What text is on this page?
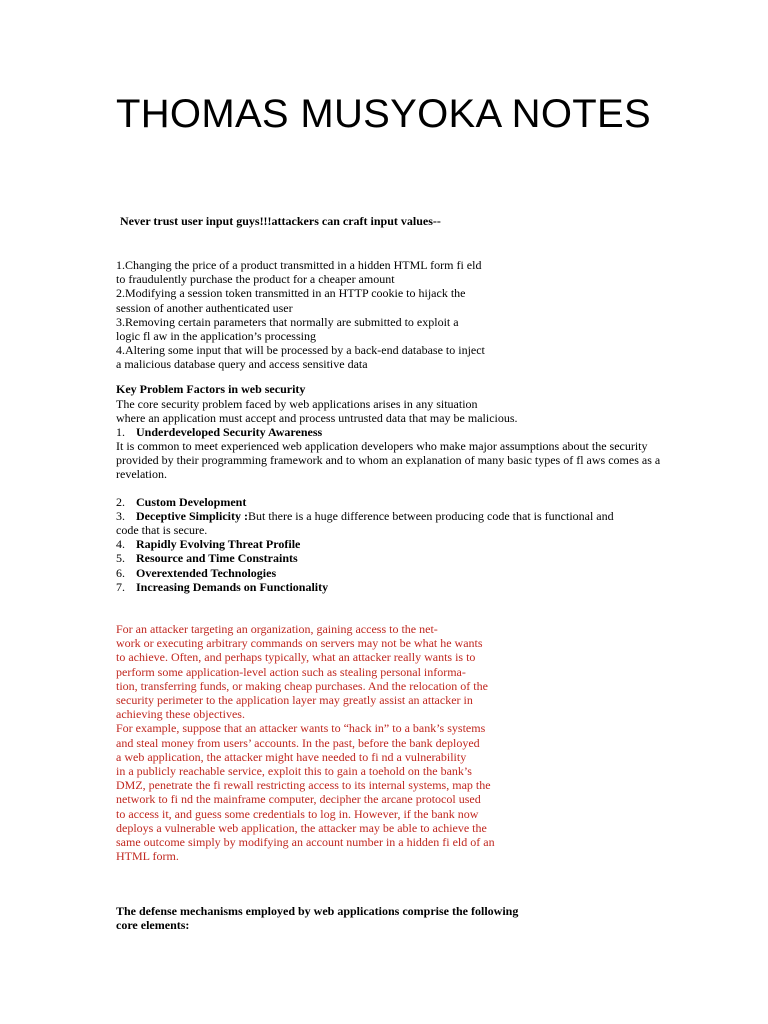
THOMAS MUSYOKA NOTES
Never trust user input guys!!!attackers can craft input values--
1.Changing the price of a product transmitted in a hidden HTML form fi eld
to fraudulently purchase the product for a cheaper amount
2.Modifying a session token transmitted in an HTTP cookie to hijack the
session of another authenticated user
3.Removing certain parameters that normally are submitted to exploit a
logic fl aw in the application’s processing
4.Altering some input that will be processed by a back-end database to inject
a malicious database query and access sensitive data
Key Problem Factors in web security
The core security problem faced by web applications arises in any situation
where an application must accept and process untrusted data that may be malicious.
1. Underdeveloped Security Awareness
It is common to meet experienced web application developers who make major assumptions about the security provided by their programming framework and to whom an explanation of many basic types of fl aws comes as a revelation.
2. Custom Development
3. Deceptive Simplicity :But there is a huge difference between producing code that is functional and
code that is secure.
4. Rapidly Evolving Threat Profile
5. Resource and Time Constraints
6. Overextended Technologies
7. Increasing Demands on Functionality
For an attacker targeting an organization, gaining access to the net-
work or executing arbitrary commands on servers may not be what he wants
to achieve. Often, and perhaps typically, what an attacker really wants is to
perform some application-level action such as stealing personal informa-
tion, transferring funds, or making cheap purchases. And the relocation of the
security perimeter to the application layer may greatly assist an attacker in
achieving these objectives.
For example, suppose that an attacker wants to “hack in” to a bank’s systems
and steal money from users’ accounts. In the past, before the bank deployed
a web application, the attacker might have needed to fi nd a vulnerability
in a publicly reachable service, exploit this to gain a toehold on the bank’s
DMZ, penetrate the fi rewall restricting access to its internal systems, map the
network to fi nd the mainframe computer, decipher the arcane protocol used
to access it, and guess some credentials to log in. However, if the bank now
deploys a vulnerable web application, the attacker may be able to achieve the
same outcome simply by modifying an account number in a hidden fi eld of an
HTML form.
The defense mechanisms employed by web applications comprise the following
core elements:
